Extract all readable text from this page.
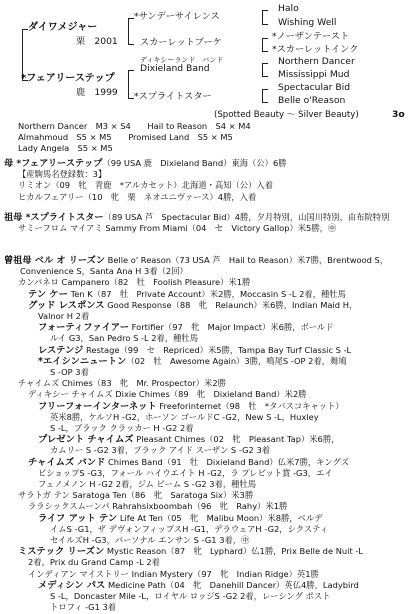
ダイワメジャー
栗　2001
*フェアリーステップ
鹿　1999
*サンデーサイレンス
スカーレットブーケ
ディキシーランド　バンド
Dixieland Band
*スプライトスター
Halo
Wishing Well
*ノーザンテースト
*スカーレットインク
Northern Dancer
Mississippi Mud
Spectacular Bid
Belle o'Reason
(Spotted Beauty ～ Silver Beauty)	3o
Northern Dancer　M3 × S4　　Hail to Reason　S4 × M4
Almahmoud　S5 × M5　　Promised Land　S5 × M5
Lady Angela　S5 × M5

母 *フェアリーステップ（99 USA 鹿　Dixieland Band）東海（公）6勝

【産駒馬名登録数：3】

リミオン（09　牝　青鹿　*アルカセット）北海道・高知（公）入着

ヒカルフェアリー（10　牝　栗　ネオユニヴァース）4勝，入着

祖母 *スプライトスター（89 USA 芦　Spectacular Bid）4勝，夕月特別，山国川特別，由布院特別

サミーフロム マイアミ Sammy From Miami（04　セ　Victory Gallop）米5勝，㊥

曾祖母 ベル オ リーズン Belle o' Reason（73 USA 芦　Hail to Reason）米7勝，Brentwood S，Convenience S，Santa Ana H 3着（2回）

カンパネロ Campanero（82　牡　Foolish Pleasure）米1勝

テン ケー Ten K（87　牡　Private Account）米2勝，Moccasin S -L 2着，種牡馬

グッド レスポンス Good Response（88　牝　Relaunch）米6勝，Indian Maid H，

Valnor H 2着

フォーティファイアー Fortifier（97　牝　Major Impact）米6勝，ボールド

ルイ G3，San Pedro S -L 2着，種牡馬

レステンジ Restage（99　セ　Repriced）米5勝，Tampa Bay Turf Classic S -L

*エイシンニュートン（02　牡　Awesome Again）3勝，鳴尾S -OP 2着，舞鳩

S -OP 3着

チャイムズ Chimes（83　牝　Mr. Prospector）米2勝

ディキシー チャイムズ Dixie Chimes（89　牝　Dixieland Band）米2勝

フリーフォーインターネット Freeforinternet（98　牡　*タバスコキャット）

英米8勝，ケルソH -G2，ホーソン ゴールドC -G2，New S -L，Huxley

S -L，ブラック クラッカー H -G2 2着

プレゼント チャイムズ Pleasant Chimes（02　牝　Pleasant Tap）米6勝，

カムリー S -G2 3着，ブラック アイド スーザン S -G2 3着

チャイムズ バンド Chimes Band（91　牡　Dixieland Band）仏米7勝，キングズ

ビショップS -G3，フォール ハイウエイト H -G2，ラ プレビット賞 -G3，エイ

フェノメノン H -G2 2着，ジム ビーム S -G2 3着，種牡馬

サラトガ テン Saratoga Ten（86　牝　Saratoga Six）米3勝

ララシックスムーンパ Rahrahsixboombah（96　牝　Rahy）米1勝

ライフ アット テン Life At Ten（05　牝　Malibu Moon）米8勝，ベルデ

イムS -G1，ザ デヴォンフィップスH -G1，デラウェアH -G2，シクスティ

セイルズH -G3，パーソナル エンサン S -G1 3着，㊥

ミステック リーズン Mystic Reason（87　牝　Lyphard）仏1勝，Prix Belle de Nuit -L

2着，Prix du Grand Camp -L 2着

インディアン マイストリー Indian Mystery（97　牝　Indian Ridge）英1勝

メディシン パス Medicine Path（04　牝　Danehill Dancer）英仏4勝，Ladybird

S -L，Doncaster Mile -L，ロイヤル ロッジS -G2 2着，レーシング ポスト

トロフィ -G1 3着
